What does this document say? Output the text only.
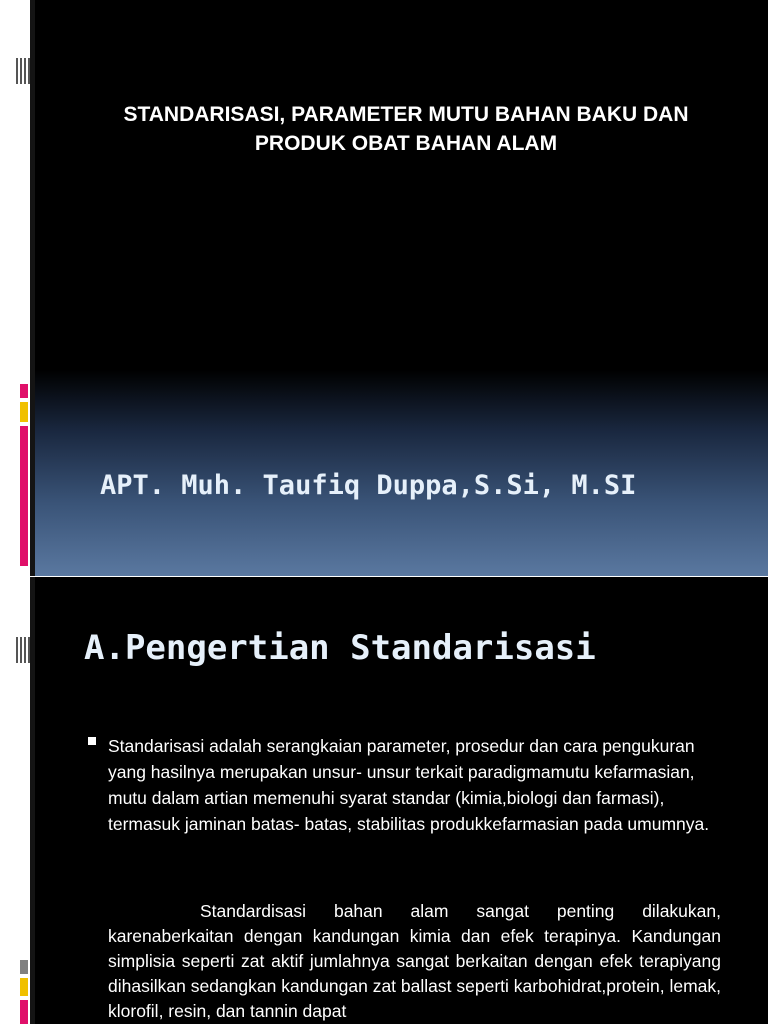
STANDARISASI, PARAMETER MUTU BAHAN BAKU DAN
PRODUK OBAT BAHAN ALAM
APT. Muh. Taufiq Duppa,S.Si, M.SI
A.Pengertian Standarisasi
Standarisasi adalah serangkaian parameter, prosedur dan cara pengukuran yang hasilnya merupakan unsur- unsur terkait paradigmamutu kefarmasian, mutu dalam artian memenuhi syarat standar (kimia,biologi dan farmasi), termasuk jaminan batas- batas, stabilitas produkkefarmasian pada umumnya.
Standardisasi bahan alam sangat penting dilakukan, karenaberkaitan dengan kandungan kimia dan efek terapinya. Kandungan simplisia seperti zat aktif jumlahnya sangat berkaitan dengan efek terapiyang dihasilkan sedangkan kandungan zat ballast seperti karbohidrat,protein, lemak, klorofil, resin, dan tannin dapat
